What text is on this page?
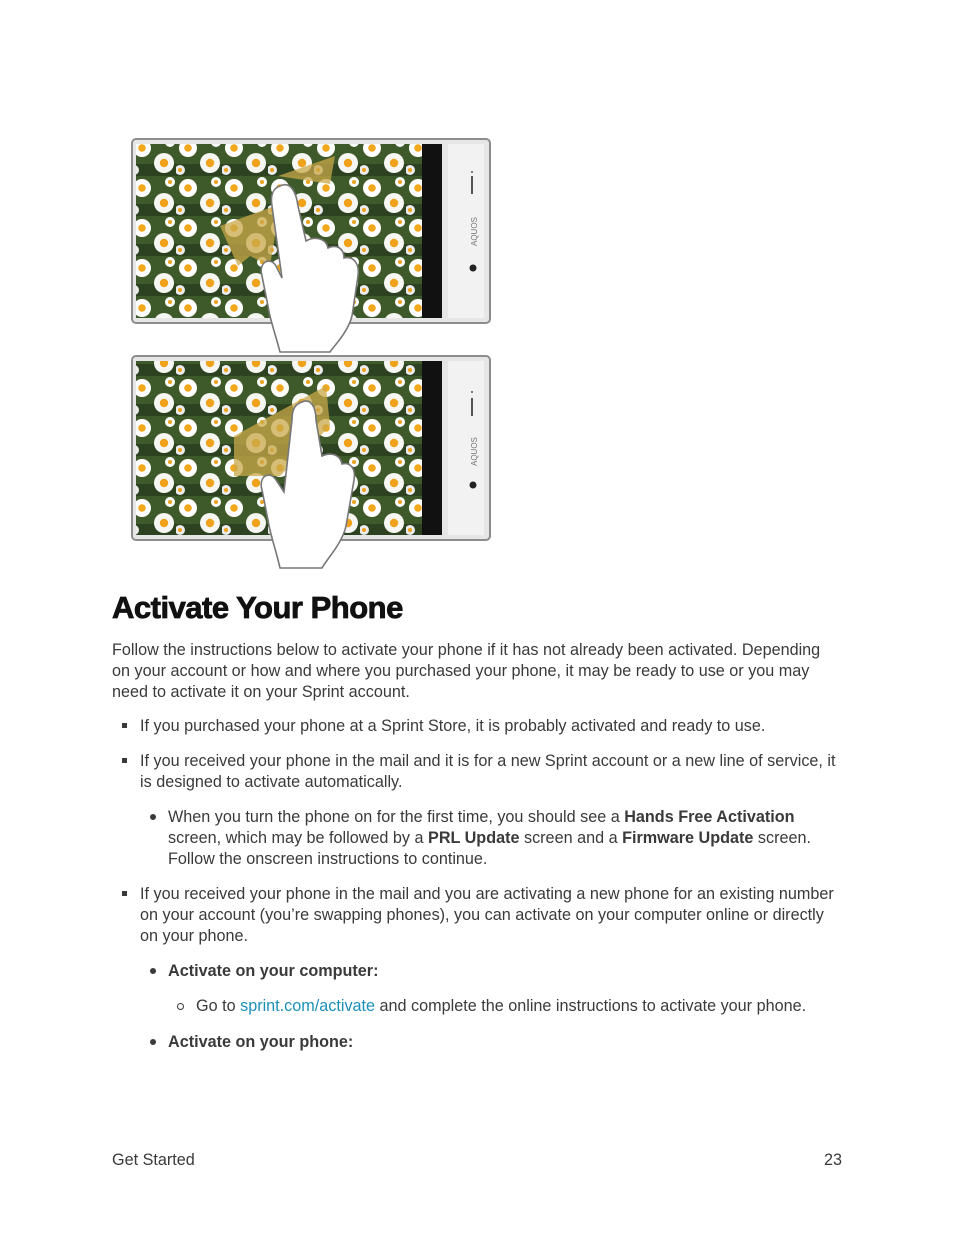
AQUOS
AQUOS
Activate Your Phone

Follow the instructions below to activate your phone if it has not already been activated. Depending on your account or how and where you purchased your phone, it may be ready to use or you may need to activate it on your Sprint account.

If you purchased your phone at a Sprint Store, it is probably activated and ready to use.
If you received your phone in the mail and it is for a new Sprint account or a new line of service, it is designed to activate automatically.
When you turn the phone on for the first time, you should see a Hands Free Activation screen, which may be followed by a PRL Update screen and a Firmware Update screen. Follow the onscreen instructions to continue.
If you received your phone in the mail and you are activating a new phone for an existing number on your account (you’re swapping phones), you can activate on your computer online or directly on your phone.
Activate on your computer:
Go to sprint.com/activate and complete the online instructions to activate your phone.
Activate on your phone:
Get Started	23
